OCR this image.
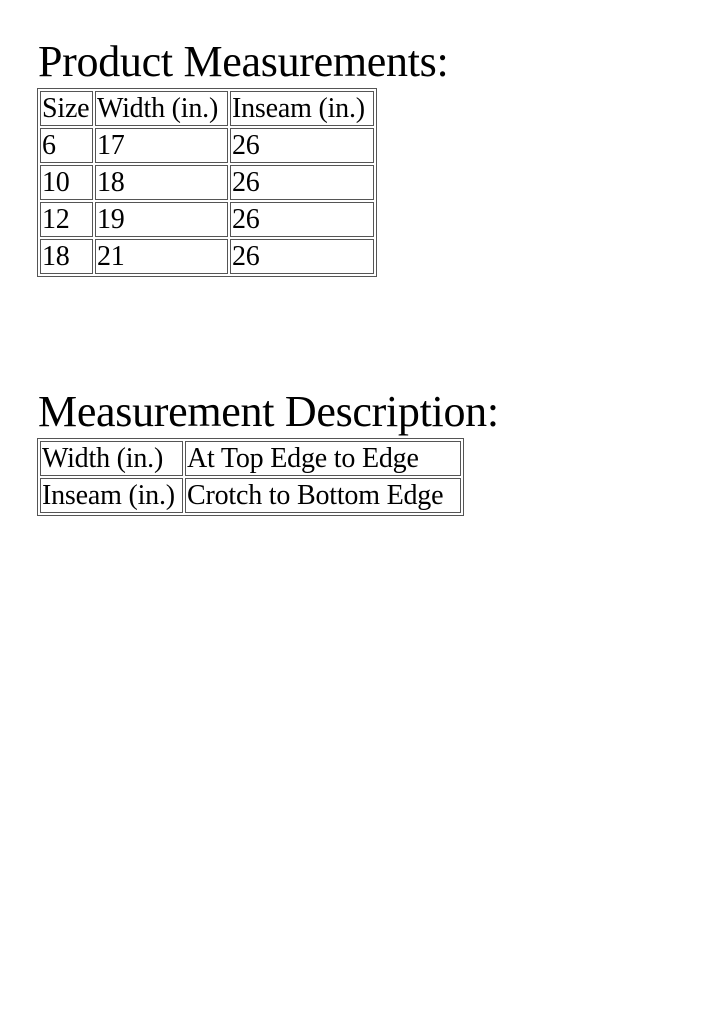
Product Measurements:
Size	Width (in.)	Inseam (in.)
6	17	26
10	18	26
12	19	26
18	21	26
Measurement Description:
Width (in.)	At Top Edge to Edge
Inseam (in.)	Crotch to Bottom Edge
